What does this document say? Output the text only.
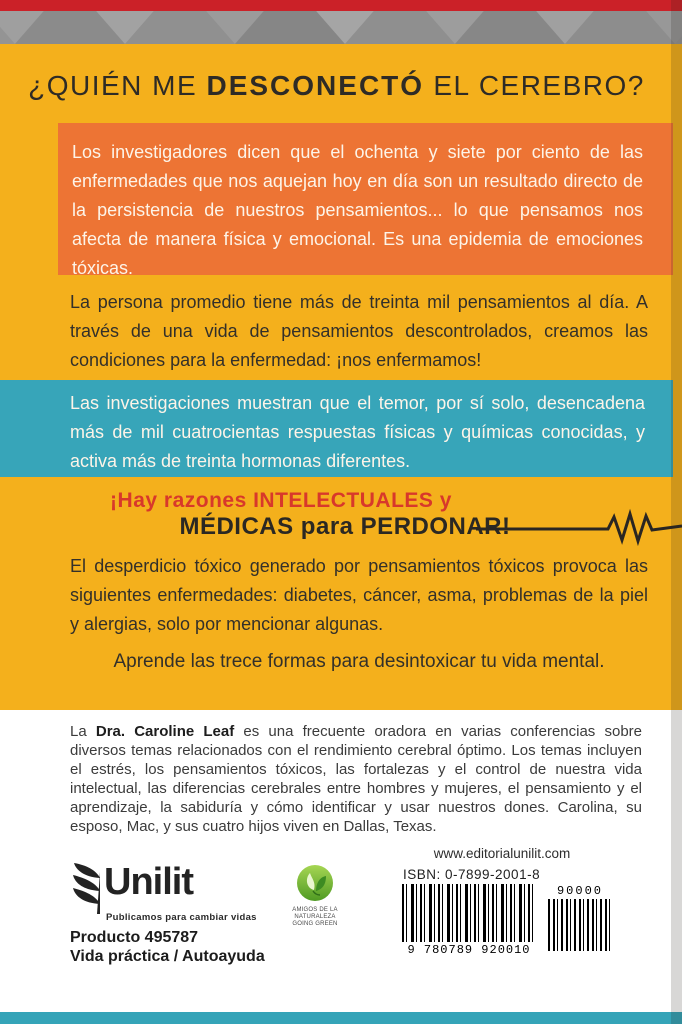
¿QUIÉN ME DESCONECTÓ EL CEREBRO?

Los investigadores dicen que el ochenta y siete por ciento de las enfermedades que nos aquejan hoy en día son un resultado directo de la persistencia de nuestros pensamientos... lo que pensamos nos afecta de manera física y emocional. Es una epidemia de emociones tóxicas.

La persona promedio tiene más de treinta mil pensamientos al día. A través de una vida de pensamientos descontrolados, creamos las condiciones para la enfermedad: ¡nos enfermamos!

Las investigaciones muestran que el temor, por sí solo, desencadena más de mil cuatrocientas respuestas físicas y químicas conocidas, y activa más de treinta hormonas diferentes.

¡Hay razones INTELECTUALES y

MÉDICAS para PERDONAR!

El desperdicio tóxico generado por pensamientos tóxicos provoca las siguientes enfermedades: diabetes, cáncer, asma, problemas de la piel y alergias, solo por mencionar algunas.

Aprende las trece formas para desintoxicar tu vida mental.

La Dra. Caroline Leaf es una frecuente oradora en varias conferencias sobre diversos temas relacionados con el rendimiento cerebral óptimo. Los temas incluyen el estrés, los pensamientos tóxicos, las fortalezas y el control de nuestra vida intelectual, las diferencias cerebrales entre hombres y mujeres, el pensamiento y el aprendizaje, la sabiduría y cómo identificar y usar nuestros dones. Carolina, su esposo, Mac, y sus cuatro hijos viven en Dallas, Texas.

www.editorialunilit.com

ISBN: 0-7899-2001-8

9 780789 920010
90000
Unilit
Publicamos para cambiar vidas

Producto 495787

Vida práctica / Autoayuda

AMIGOS DE LA NATURALEZA
GOING GREEN
